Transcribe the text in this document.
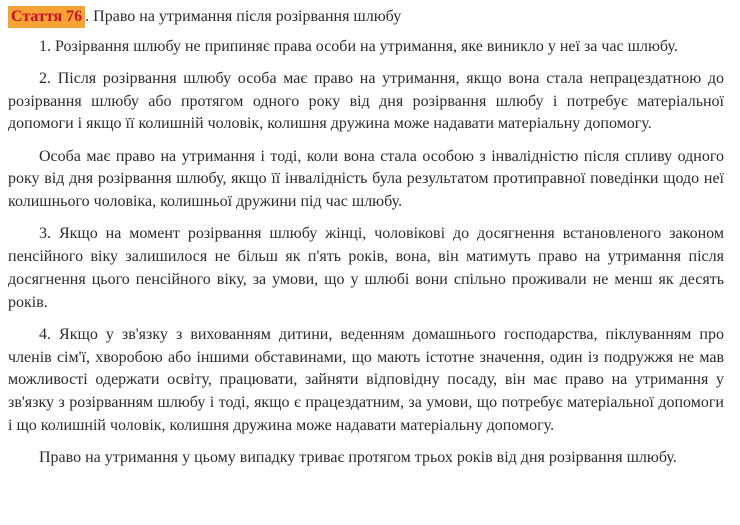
Стаття 76 . Право на утримання після розірвання шлюбу

1. Розірвання шлюбу не припиняє права особи на утримання, яке виникло у неї за час шлюбу.

2. Після розірвання шлюбу особа має право на утримання, якщо вона стала непрацездатною до розірвання шлюбу або протягом одного року від дня розірвання шлюбу і потребує матеріальної допомоги і якщо її колишній чоловік, колишня дружина може надавати матеріальну допомогу.

Особа має право на утримання і тоді, коли вона стала особою з інвалідністю після спливу одного року від дня розірвання шлюбу, якщо її інвалідність була результатом протиправної поведінки щодо неї колишнього чоловіка, колишньої дружини під час шлюбу.

3. Якщо на момент розірвання шлюбу жінці, чоловікові до досягнення встановленого законом пенсійного віку залишилося не більш як п'ять років, вона, він матимуть право на утримання після досягнення цього пенсійного віку, за умови, що у шлюбі вони спільно проживали не менш як десять років.

4. Якщо у зв'язку з вихованням дитини, веденням домашнього господарства, піклуванням про членів сім'ї, хворобою або іншими обставинами, що мають істотне значення, один із подружжя не мав можливості одержати освіту, працювати, зайняти відповідну посаду, він має право на утримання у зв'язку з розірванням шлюбу і тоді, якщо є працездатним, за умови, що потребує матеріальної допомоги і що колишній чоловік, колишня дружина може надавати матеріальну допомогу.

Право на утримання у цьому випадку триває протягом трьох років від дня розірвання шлюбу.
